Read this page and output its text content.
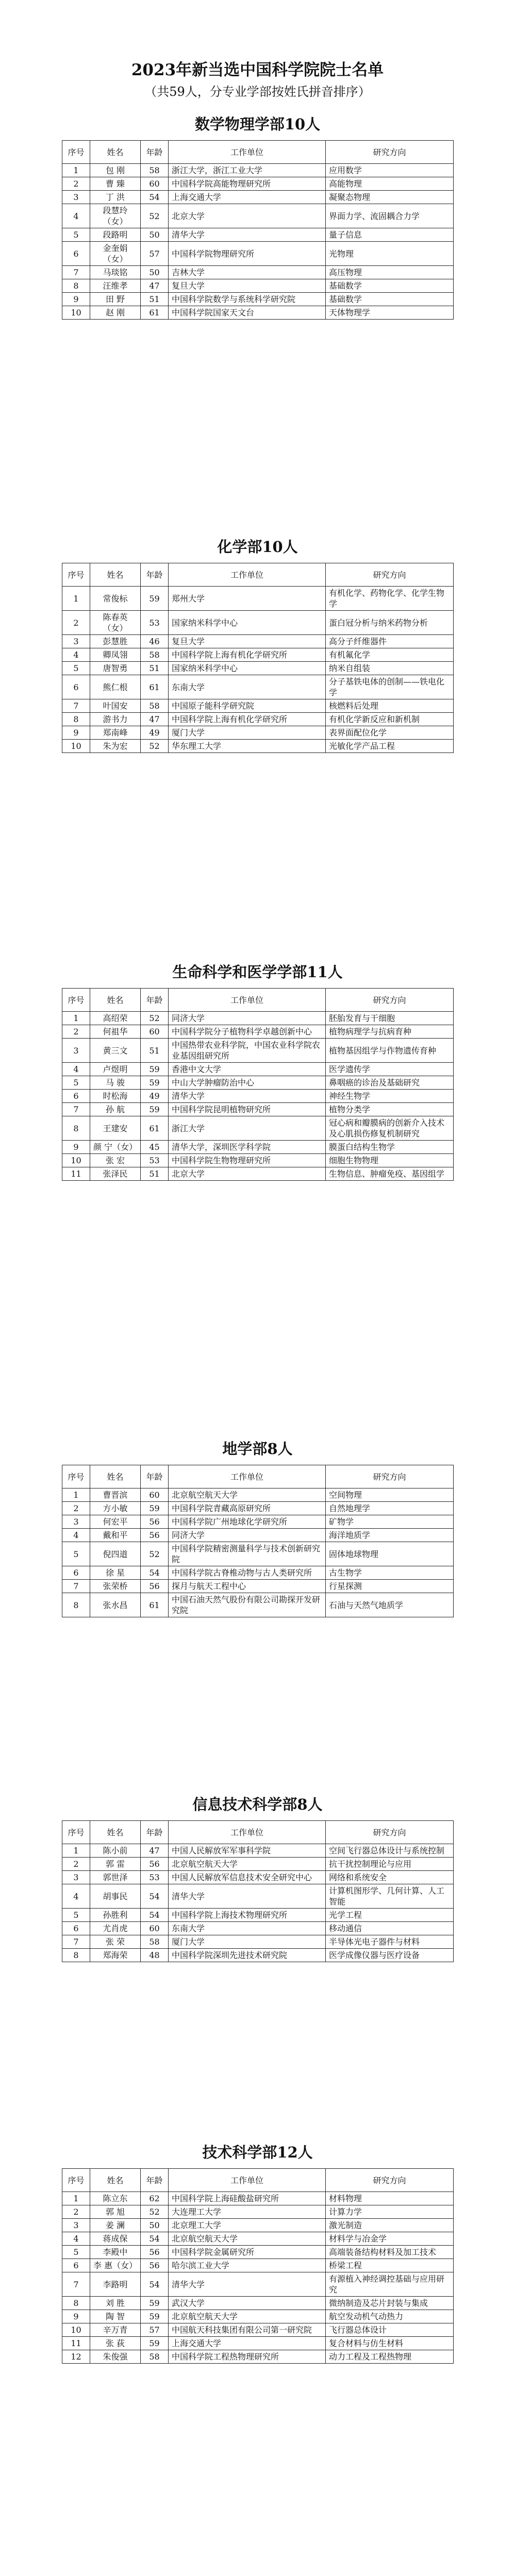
2023年新当选中国科学院院士名单
（共59人，分专业学部按姓氏拼音排序）
数学物理学部10人
序号	姓名	年龄	工作单位	研究方向
1	包 刚	58	浙江大学，浙江工业大学	应用数学
2	曹 臻	60	中国科学院高能物理研究所	高能物理
3	丁 洪	54	上海交通大学	凝聚态物理
4	段慧玲（女）	52	北京大学	界面力学、流固耦合力学
5	段路明	50	清华大学	量子信息
6	金奎娟（女）	57	中国科学院物理研究所	光物理
7	马琰铭	50	吉林大学	高压物理
8	汪维孝	47	复旦大学	基础数学
9	田 野	51	中国科学院数学与系统科学研究院	基础数学
10	赵 刚	61	中国科学院国家天文台	天体物理学
化学部10人
序号	姓名	年龄	工作单位	研究方向
1	常俊标	59	郑州大学	有机化学、药物化学、化学生物学
2	陈春英（女）	53	国家纳米科学中心	蛋白冠分析与纳米药物分析
3	彭慧胜	46	复旦大学	高分子纤维器件
4	卿凤翎	58	中国科学院上海有机化学研究所	有机氟化学
5	唐智勇	51	国家纳米科学中心	纳米自组装
6	熊仁根	61	东南大学	分子基铁电体的创制——铁电化学
7	叶国安	58	中国原子能科学研究院	核燃料后处理
8	游书力	47	中国科学院上海有机化学研究所	有机化学新反应和新机制
9	郑南峰	49	厦门大学	表界面配位化学
10	朱为宏	52	华东理工大学	光敏化学产品工程
生命科学和医学学部11人
序号	姓名	年龄	工作单位	研究方向
1	高绍荣	52	同济大学	胚胎发育与干细胞
2	何祖华	60	中国科学院分子植物科学卓越创新中心	植物病理学与抗病育种
3	黄三文	51	中国热带农业科学院，中国农业科学院农业基因组研究所	植物基因组学与作物遗传育种
4	卢煜明	59	香港中文大学	医学遗传学
5	马 骏	59	中山大学肿瘤防治中心	鼻咽癌的诊治及基础研究
6	时松海	49	清华大学	神经生物学
7	孙 航	59	中国科学院昆明植物研究所	植物分类学
8	王建安	61	浙江大学	冠心病和瓣膜病的创新介入技术及心肌损伤修复机制研究
9	颜 宁（女）	45	清华大学，深圳医学科学院	膜蛋白结构生物学
10	张 宏	53	中国科学院生物物理研究所	细胞生物物理
11	张泽民	51	北京大学	生物信息、肿瘤免疫、基因组学
地学部8人
序号	姓名	年龄	工作单位	研究方向
1	曹晋滨	60	北京航空航天大学	空间物理
2	方小敏	59	中国科学院青藏高原研究所	自然地理学
3	何宏平	56	中国科学院广州地球化学研究所	矿物学
4	戴和平	56	同济大学	海洋地质学
5	倪四道	52	中国科学院精密测量科学与技术创新研究院	固体地球物理
6	徐 星	54	中国科学院古脊椎动物与古人类研究所	古生物学
7	张荣桥	56	探月与航天工程中心	行星探测
8	张水昌	61	中国石油天然气股份有限公司勘探开发研究院	石油与天然气地质学
信息技术科学部8人
序号	姓名	年龄	工作单位	研究方向
1	陈小前	47	中国人民解放军军事科学院	空间飞行器总体设计与系统控制
2	郭 雷	56	北京航空航天大学	抗干扰控制理论与应用
3	郭世泽	53	中国人民解放军信息技术安全研究中心	网络和系统安全
4	胡事民	54	清华大学	计算机图形学、几何计算、人工智能
5	孙胜利	54	中国科学院上海技术物理研究所	光学工程
6	尤肖虎	60	东南大学	移动通信
7	张 荣	58	厦门大学	半导体光电子器件与材料
8	郑海荣	48	中国科学院深圳先进技术研究院	医学成像仪器与医疗设备
技术科学部12人
序号	姓名	年龄	工作单位	研究方向
1	陈立东	62	中国科学院上海硅酸盐研究所	材料物理
2	郭 旭	52	大连理工大学	计算力学
3	姜 澜	50	北京理工大学	激光制造
4	蒋成保	54	北京航空航天大学	材料学与冶金学
5	李殿中	56	中国科学院金属研究所	高端装备结构材料及加工技术
6	李 惠（女）	56	哈尔滨工业大学	桥梁工程
7	李路明	54	清华大学	有源植入神经调控基础与应用研究
8	刘 胜	59	武汉大学	微纳制造及芯片封装与集成
9	陶 智	59	北京航空航天大学	航空发动机气动热力
10	辛万青	57	中国航天科技集团有限公司第一研究院	飞行器总体设计
11	张 荻	59	上海交通大学	复合材料与仿生材料
12	朱俊强	58	中国科学院工程热物理研究所	动力工程及工程热物理
